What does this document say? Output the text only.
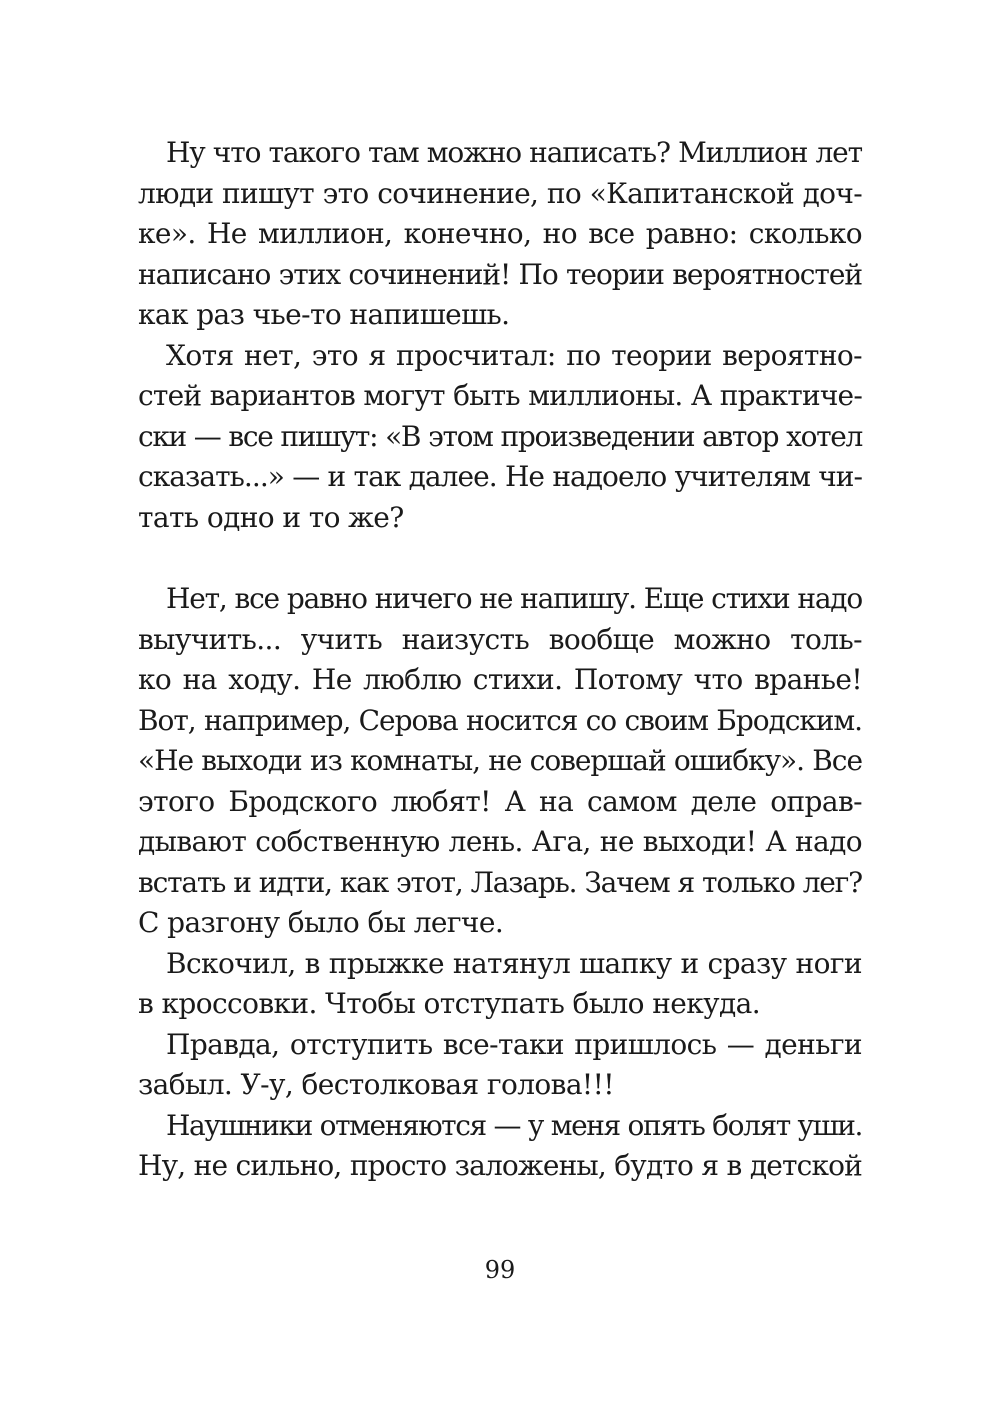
Ну что такого там можно написать? Миллион лет
люди пишут это сочинение, по «Капитанской доч-
ке». Не миллион, конечно, но все равно: сколько
написано этих сочинений! По теории вероятностей
как раз чье-то напишешь.
Хотя нет, это я просчитал: по теории вероятно-
стей вариантов могут быть миллионы. А практиче-
ски — все пишут: «В этом произведении автор хотел
сказать...» — и так далее. Не надоело учителям чи-
тать одно и то же?
Нет, все равно ничего не напишу. Еще стихи надо
выучить... учить наизусть вообще можно толь-
ко на ходу. Не люблю стихи. Потому что вранье!
Вот, например, Серова носится со своим Бродским.
«Не выходи из комнаты, не совершай ошибку». Все
этого Бродского любят! А на самом деле оправ-
дывают собственную лень. Ага, не выходи! А надо
встать и идти, как этот, Лазарь. Зачем я только лег?
С разгону было бы легче.
Вскочил, в прыжке натянул шапку и сразу ноги
в кроссовки. Чтобы отступать было некуда.
Правда, отступить все-таки пришлось — деньги
забыл. У-у, бестолковая голова!!!
Наушники отменяются — у меня опять болят уши.
Ну, не сильно, просто заложены, будто я в детской
99
